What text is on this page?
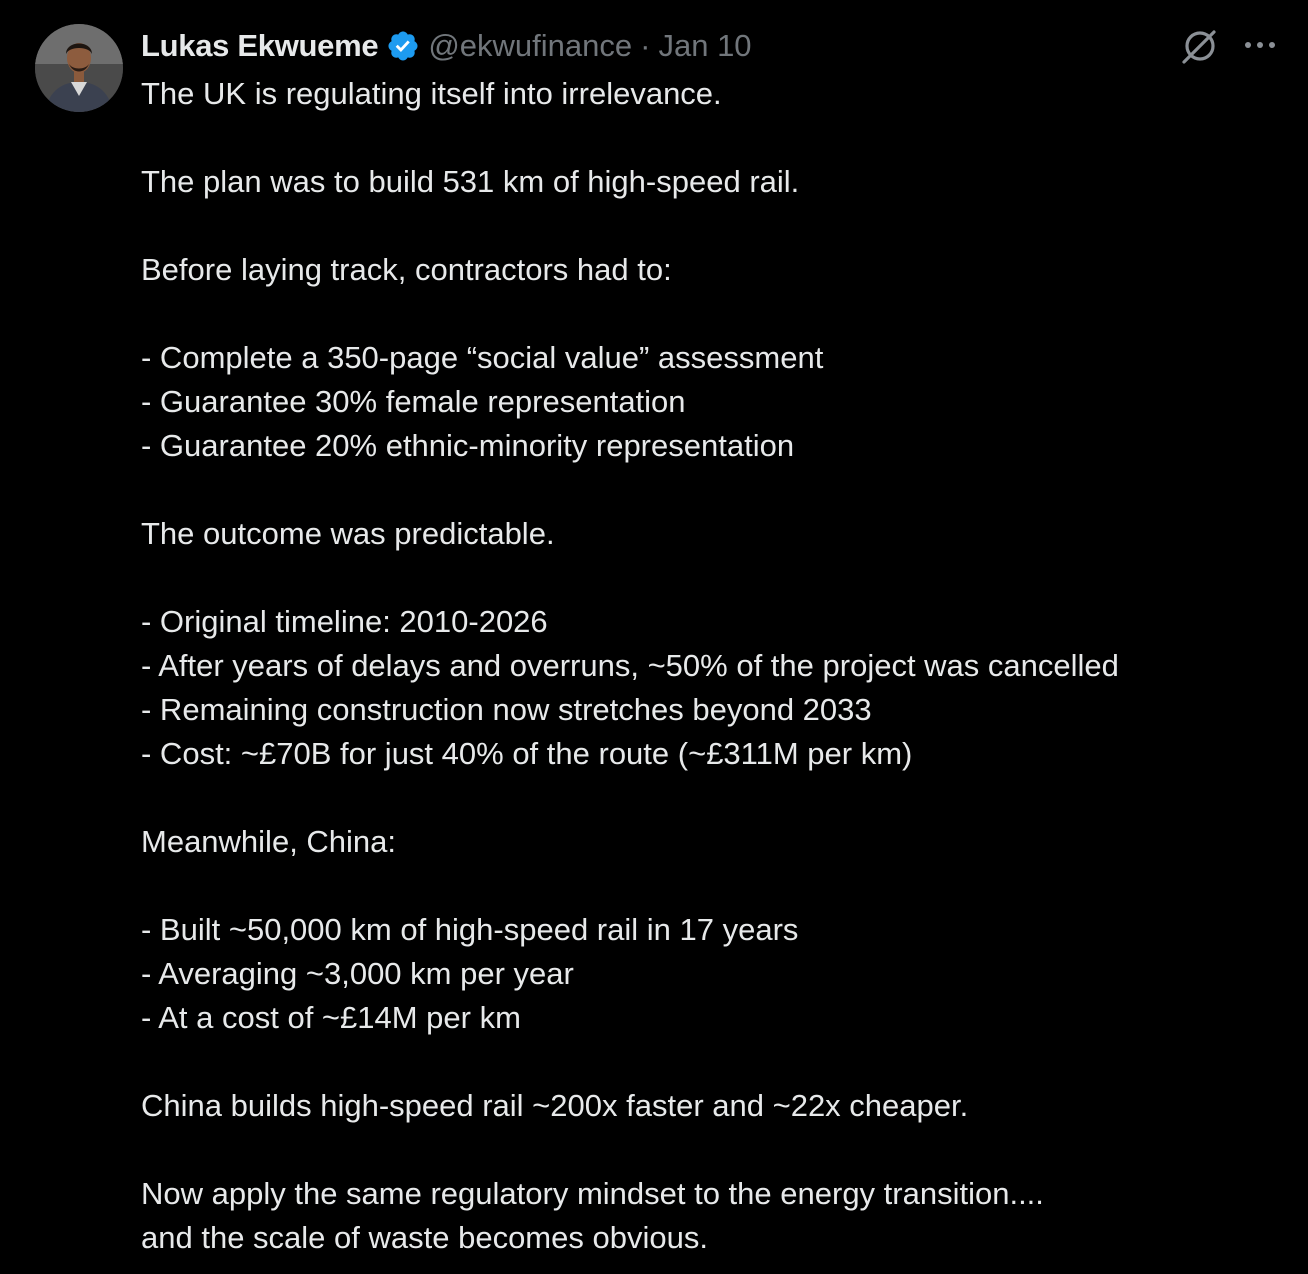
Lukas Ekwueme @ekwufinance · Jan 10

The UK is regulating itself into irrelevance.

The plan was to build 531 km of high-speed rail.

Before laying track, contractors had to:

- Complete a 350-page “social value” assessment

- Guarantee 30% female representation

- Guarantee 20% ethnic-minority representation

The outcome was predictable.

- Original timeline: 2010-2026

- After years of delays and overruns, ~50% of the project was cancelled

- Remaining construction now stretches beyond 2033

- Cost: ~£70B for just 40% of the route (~£311M per km)

Meanwhile, China:

- Built ~50,000 km of high-speed rail in 17 years

- Averaging ~3,000 km per year

- At a cost of ~£14M per km

China builds high-speed rail ~200x faster and ~22x cheaper.

Now apply the same regulatory mindset to the energy transition....

and the scale of waste becomes obvious.
